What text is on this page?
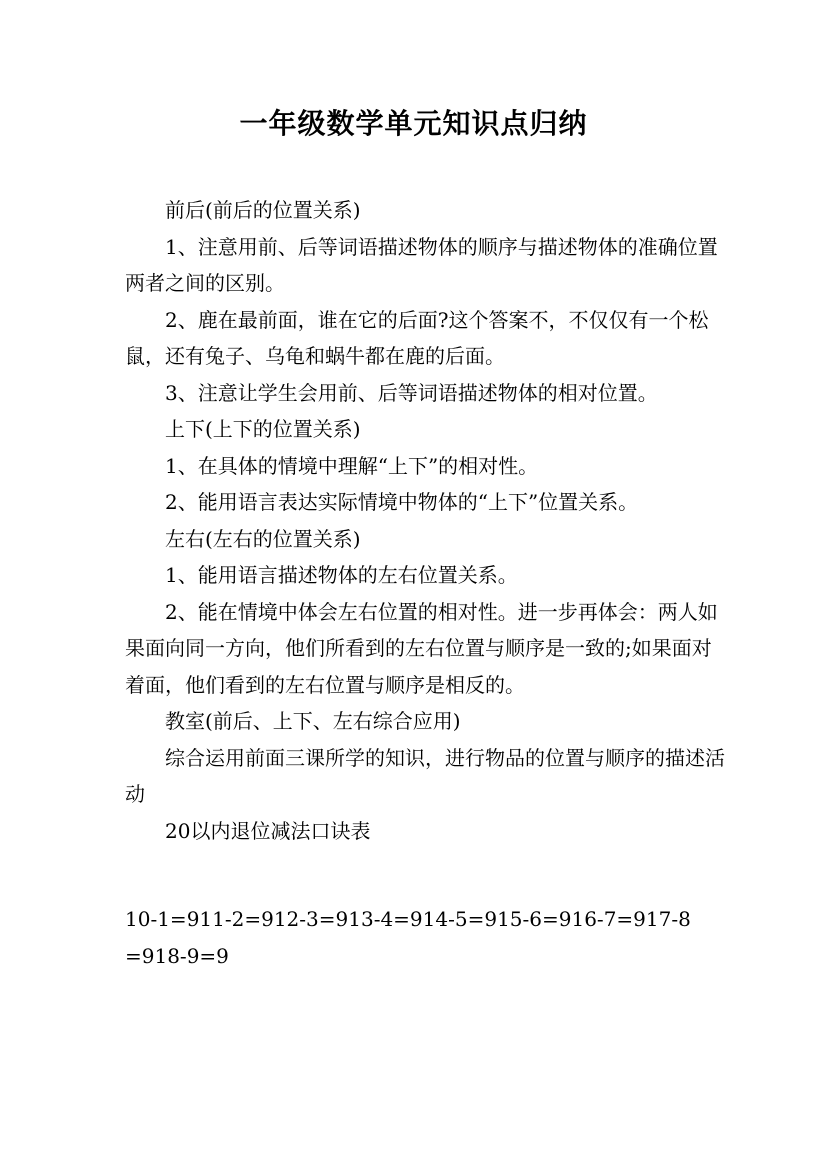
一年级数学单元知识点归纳

前后(前后的位置关系)

1、注意用前、后等词语描述物体的顺序与描述物体的准确位置两者之间的区别。

2、鹿在最前面，谁在它的后面?这个答案不，不仅仅有一个松鼠，还有兔子、乌龟和蜗牛都在鹿的后面。

3、注意让学生会用前、后等词语描述物体的相对位置。

上下(上下的位置关系)

1、在具体的情境中理解“上下”的相对性。

2、能用语言表达实际情境中物体的“上下”位置关系。

左右(左右的位置关系)

1、能用语言描述物体的左右位置关系。

2、能在情境中体会左右位置的相对性。进一步再体会：两人如果面向同一方向，他们所看到的左右位置与顺序是一致的;如果面对着面，他们看到的左右位置与顺序是相反的。

教室(前后、上下、左右综合应用)

综合运用前面三课所学的知识，进行物品的位置与顺序的描述活动

20以内退位减法口诀表

10-1=911-2=912-3=913-4=914-5=915-6=916-7=917-8=918-9=9
